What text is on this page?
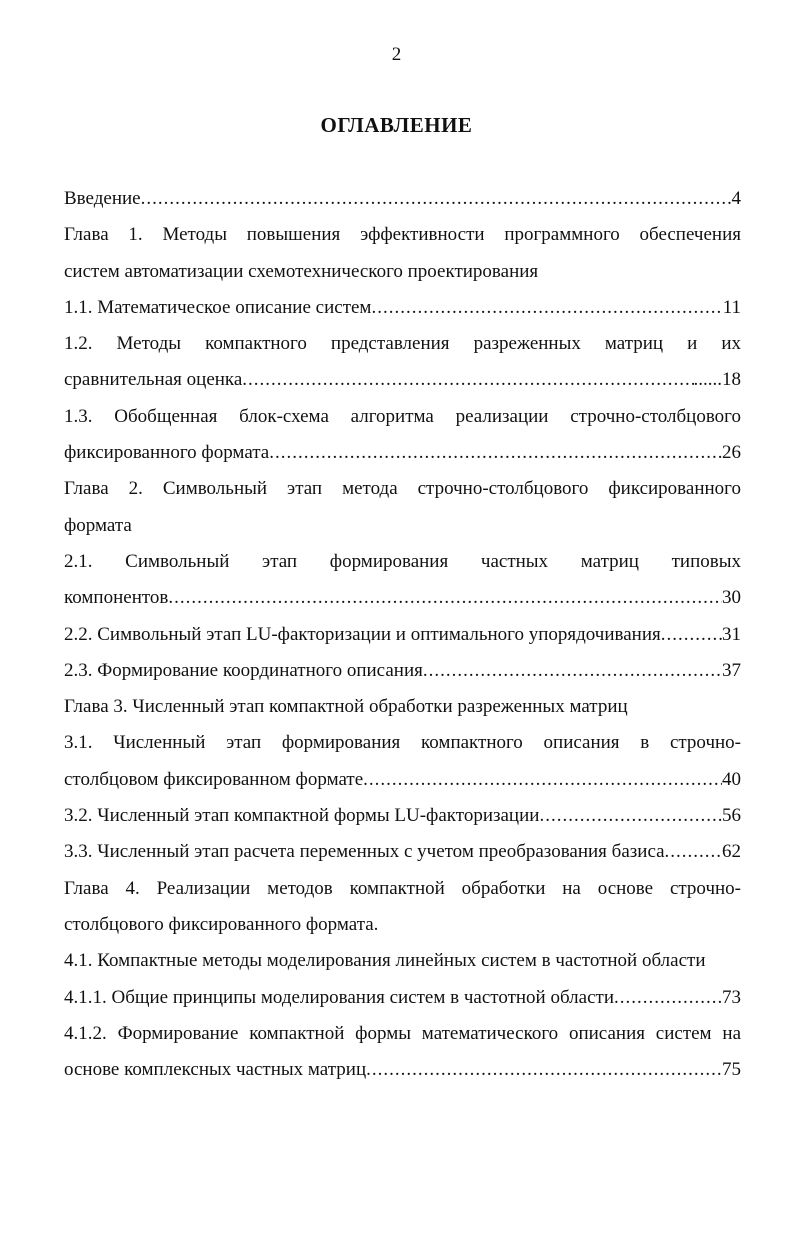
2
ОГЛАВЛЕНИЕ
Введение .....	4
Глава 1. Методы повышения эффективности программного обеспечения
систем автоматизации схемотехнического проектирования
1.1. Математическое описание систем .....	11
1.2. Методы компактного представления разреженных матриц и их
сравнительная оценка .....	......18
1.3. Обобщенная блок-схема алгоритма реализации строчно-столбцового
фиксированного формата .....	26
Глава 2. Символьный этап метода строчно-столбцового фиксированного
формата
2.1. Символьный этап формирования частных матриц типовых
компонентов .....	30
2.2. Символьный этап LU-факторизации и оптимального упорядочивания .....	31
2.3. Формирование координатного описания .....	37
Глава 3. Численный этап компактной обработки разреженных матриц
3.1. Численный этап формирования компактного описания в строчно-
столбцовом фиксированном формате .....	40
3.2. Численный этап компактной формы LU-факторизации .....	56
3.3. Численный этап расчета переменных с учетом преобразования базиса .....	62
Глава 4. Реализации методов компактной обработки на основе строчно-
столбцового фиксированного формата.
4.1. Компактные методы моделирования линейных систем в частотной области
4.1.1. Общие принципы моделирования систем в частотной области .....	73
4.1.2. Формирование компактной формы математического описания систем на
основе комплексных частных матриц .....	75
